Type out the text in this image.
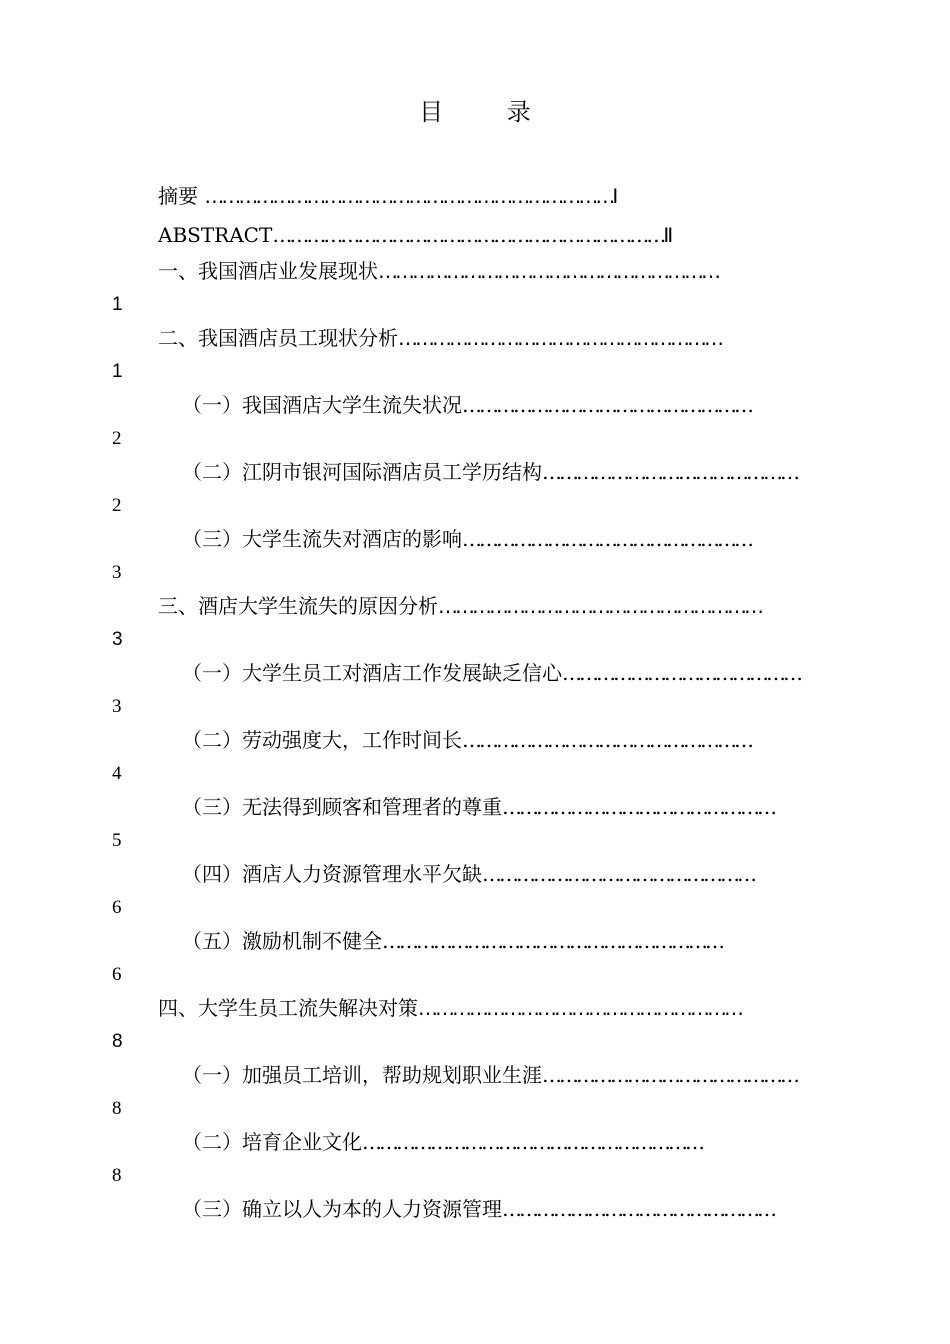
目 录
摘要 ………………………………………………………………Ⅰ
ABSTRACT……………………………………………………………Ⅱ
一、我国酒店业发展现状……………………………………………………
1
二、我国酒店员工现状分析…………………………………………………
1
（一）我国酒店大学生流失状况……………………………………………
2
（二）江阴市银河国际酒店员工学历结构………………………………………
2
（三）大学生流失对酒店的影响……………………………………………
3
三、酒店大学生流失的原因分析…………………………………………………
3
（一）大学生员工对酒店工作发展缺乏信心……………………………………
3
（二）劳动强度大，工作时间长……………………………………………
4
（三）无法得到顾客和管理者的尊重…………………………………………
5
（四）酒店人力资源管理水平欠缺…………………………………………
6
（五）激励机制不健全……………………………………………………
6
四、大学生员工流失解决对策…………………………………………………
8
（一）加强员工培训，帮助规划职业生涯………………………………………
8
（二）培育企业文化……………………………………………………
8
（三）确立以人为本的人力资源管理…………………………………………
